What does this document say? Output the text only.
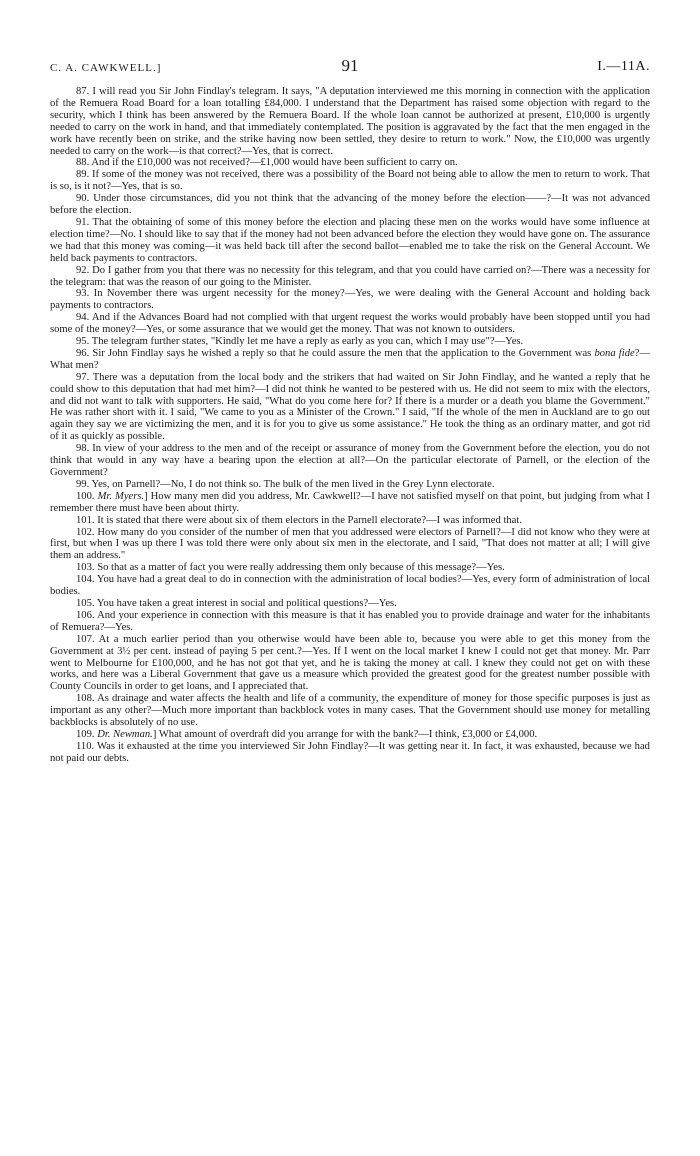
C. A. CAWKWELL.]	91	I.—11A.

87. I will read you Sir John Findlay's telegram. It says, "A deputation interviewed me this morning in connection with the application of the Remuera Road Board for a loan totalling £84,000. I understand that the Department has raised some objection with regard to the security, which I think has been answered by the Remuera Board. If the whole loan cannot be authorized at present, £10,000 is urgently needed to carry on the work in hand, and that immediately contemplated. The position is aggravated by the fact that the men engaged in the work have recently been on strike, and the strike having now been settled, they desire to return to work." Now, the £10,000 was urgently needed to carry on the work—is that correct?—Yes, that is correct.

88. And if the £10,000 was not received?—£1,000 would have been sufficient to carry on.

89. If some of the money was not received, there was a possibility of the Board not being able to allow the men to return to work. That is so, is it not?—Yes, that is so.

90. Under those circumstances, did you not think that the advancing of the money before the election——?—It was not advanced before the election.

91. That the obtaining of some of this money before the election and placing these men on the works would have some influence at election time?—No. I should like to say that if the money had not been advanced before the election they would have gone on. The assurance we had that this money was coming—it was held back till after the second ballot—enabled me to take the risk on the General Account. We held back payments to contractors.

92. Do I gather from you that there was no necessity for this telegram, and that you could have carried on?—There was a necessity for the telegram: that was the reason of our going to the Minister.

93. In November there was urgent necessity for the money?—Yes, we were dealing with the General Account and holding back payments to contractors.

94. And if the Advances Board had not complied with that urgent request the works would probably have been stopped until you had some of the money?—Yes, or some assurance that we would get the money. That was not known to outsiders.

95. The telegram further states, "Kindly let me have a reply as early as you can, which I may use"?—Yes.

96. Sir John Findlay says he wished a reply so that he could assure the men that the application to the Government was bona fide?—What men?

97. There was a deputation from the local body and the strikers that had waited on Sir John Findlay, and he wanted a reply that he could show to this deputation that had met him?—I did not think he wanted to be pestered with us. He did not seem to mix with the electors, and did not want to talk with supporters. He said, "What do you come here for? If there is a murder or a death you blame the Government." He was rather short with it. I said, "We came to you as a Minister of the Crown." I said, "If the whole of the men in Auckland are to go out again they say we are victimizing the men, and it is for you to give us some assistance." He took the thing as an ordinary matter, and got rid of it as quickly as possible.

98. In view of your address to the men and of the receipt or assurance of money from the Government before the election, you do not think that would in any way have a bearing upon the election at all?—On the particular electorate of Parnell, or the election of the Government?

99. Yes, on Parnell?—No, I do not think so. The bulk of the men lived in the Grey Lynn electorate.

100. Mr. Myers.] How many men did you address, Mr. Cawkwell?—I have not satisfied myself on that point, but judging from what I remember there must have been about thirty.

101. It is stated that there were about six of them electors in the Parnell electorate?—I was informed that.

102. How many do you consider of the number of men that you addressed were electors of Parnell?—I did not know who they were at first, but when I was up there I was told there were only about six men in the electorate, and I said, "That does not matter at all; I will give them an address."

103. So that as a matter of fact you were really addressing them only because of this message?—Yes.

104. You have had a great deal to do in connection with the administration of local bodies?—Yes, every form of administration of local bodies.

105. You have taken a great interest in social and political questions?—Yes.

106. And your experience in connection with this measure is that it has enabled you to provide drainage and water for the inhabitants of Remuera?—Yes.

107. At a much earlier period than you otherwise would have been able to, because you were able to get this money from the Government at 3½ per cent. instead of paying 5 per cent.?—Yes. If I went on the local market I knew I could not get that money. Mr. Parr went to Melbourne for £100,000, and he has not got that yet, and he is taking the money at call. I knew they could not get on with these works, and here was a Liberal Government that gave us a measure which provided the greatest good for the greatest number possible with County Councils in order to get loans, and I appreciated that.

108. As drainage and water affects the health and life of a community, the expenditure of money for those specific purposes is just as important as any other?—Much more important than backblock votes in many cases. That the Government should use money for metalling backblocks is absolutely of no use.

109. Dr. Newman.] What amount of overdraft did you arrange for with the bank?—I think, £3,000 or £4,000.

110. Was it exhausted at the time you interviewed Sir John Findlay?—It was getting near it. In fact, it was exhausted, because we had not paid our debts.
